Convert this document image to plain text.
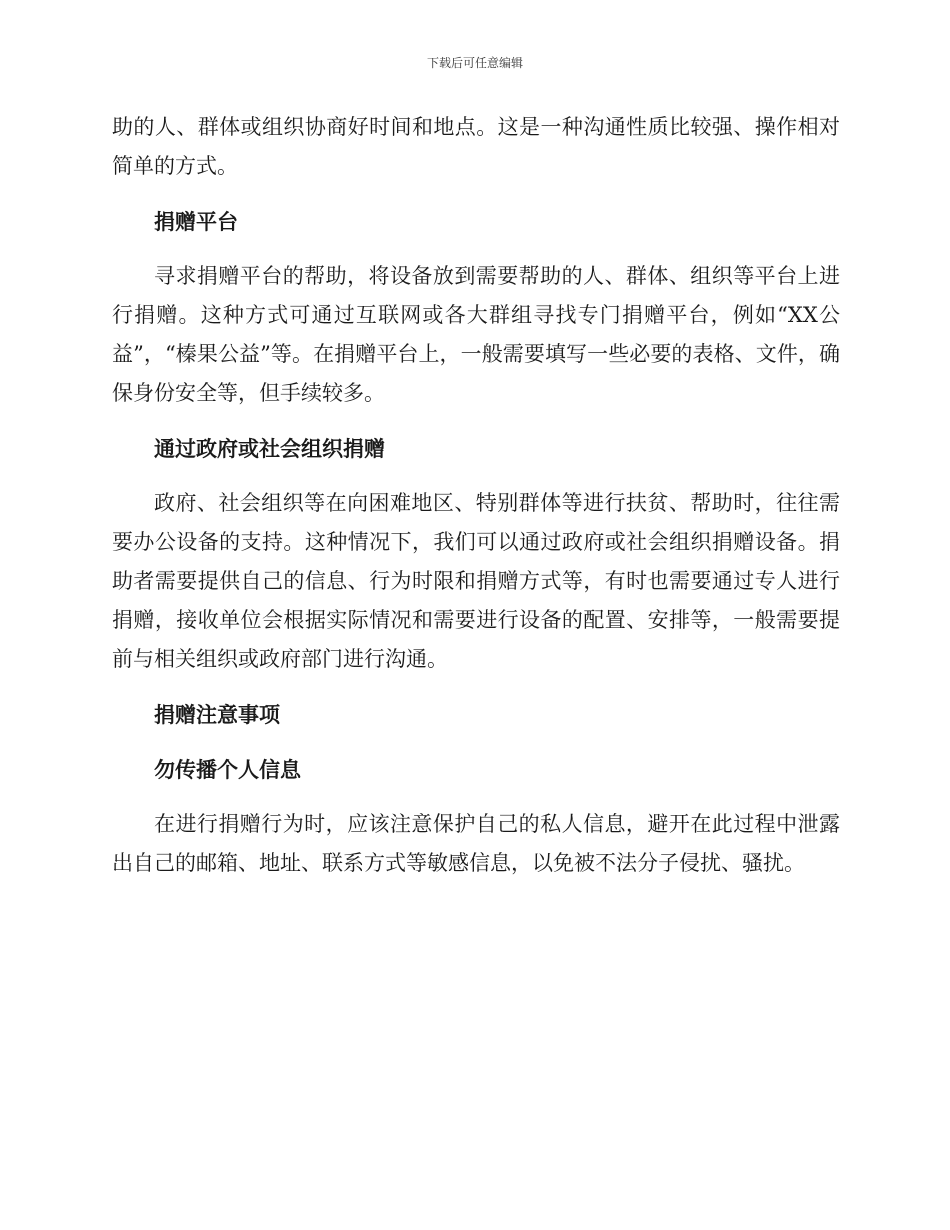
下载后可任意编辑

助的人、群体或组织协商好时间和地点。这是一种沟通性质比较强、操作相对简单的方式。

捐赠平台

寻求捐赠平台的帮助，将设备放到需要帮助的人、群体、组织等平台上进行捐赠。这种方式可通过互联网或各大群组寻找专门捐赠平台，例如“XX公益”，“榛果公益”等。在捐赠平台上，一般需要填写一些必要的表格、文件，确保身份安全等，但手续较多。

通过政府或社会组织捐赠

政府、社会组织等在向困难地区、特别群体等进行扶贫、帮助时，往往需要办公设备的支持。这种情况下，我们可以通过政府或社会组织捐赠设备。捐助者需要提供自己的信息、行为时限和捐赠方式等，有时也需要通过专人进行捐赠，接收单位会根据实际情况和需要进行设备的配置、安排等，一般需要提前与相关组织或政府部门进行沟通。

捐赠注意事项

勿传播个人信息

在进行捐赠行为时，应该注意保护自己的私人信息，避开在此过程中泄露出自己的邮箱、地址、联系方式等敏感信息，以免被不法分子侵扰、骚扰。
